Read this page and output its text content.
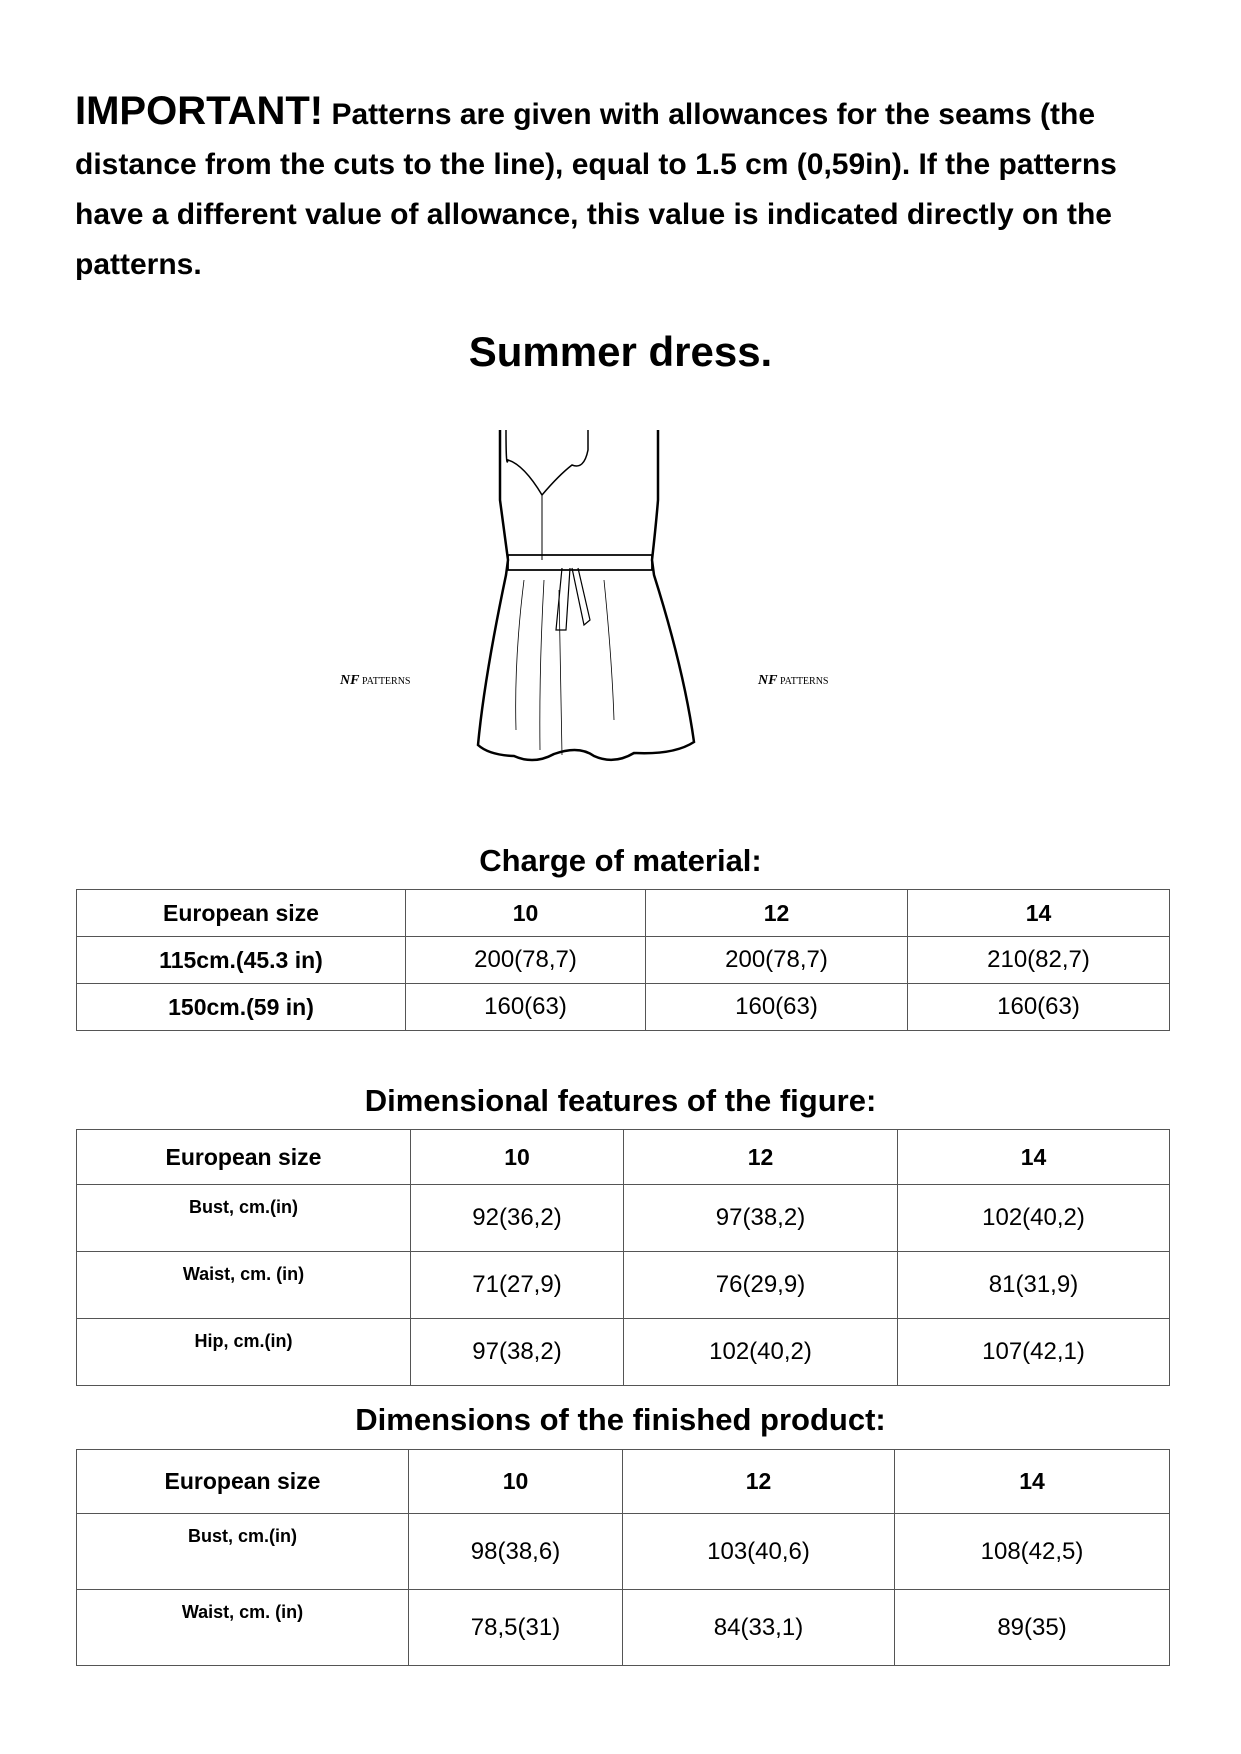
IMPORTANT! Patterns are given with allowances for the seams (the distance from the cuts to the line), equal to 1.5 cm (0,59in). If the patterns have a different value of allowance, this value is indicated directly on the patterns.
Summer dress.
NF PATTERNS	NF PATTERNS
Charge of material:
European size	10	12	14
115cm.(45.3 in)	200(78,7)	200(78,7)	210(82,7)
150cm.(59 in)	160(63)	160(63)	160(63)
Dimensional features of the figure:
European size	10	12	14
Bust, cm.(in)	92(36,2)	97(38,2)	102(40,2)
Waist, cm. (in)	71(27,9)	76(29,9)	81(31,9)
Hip, cm.(in)	97(38,2)	102(40,2)	107(42,1)
Dimensions of the finished product:
European size	10	12	14
Bust, cm.(in)	98(38,6)	103(40,6)	108(42,5)
Waist, cm. (in)	78,5(31)	84(33,1)	89(35)
